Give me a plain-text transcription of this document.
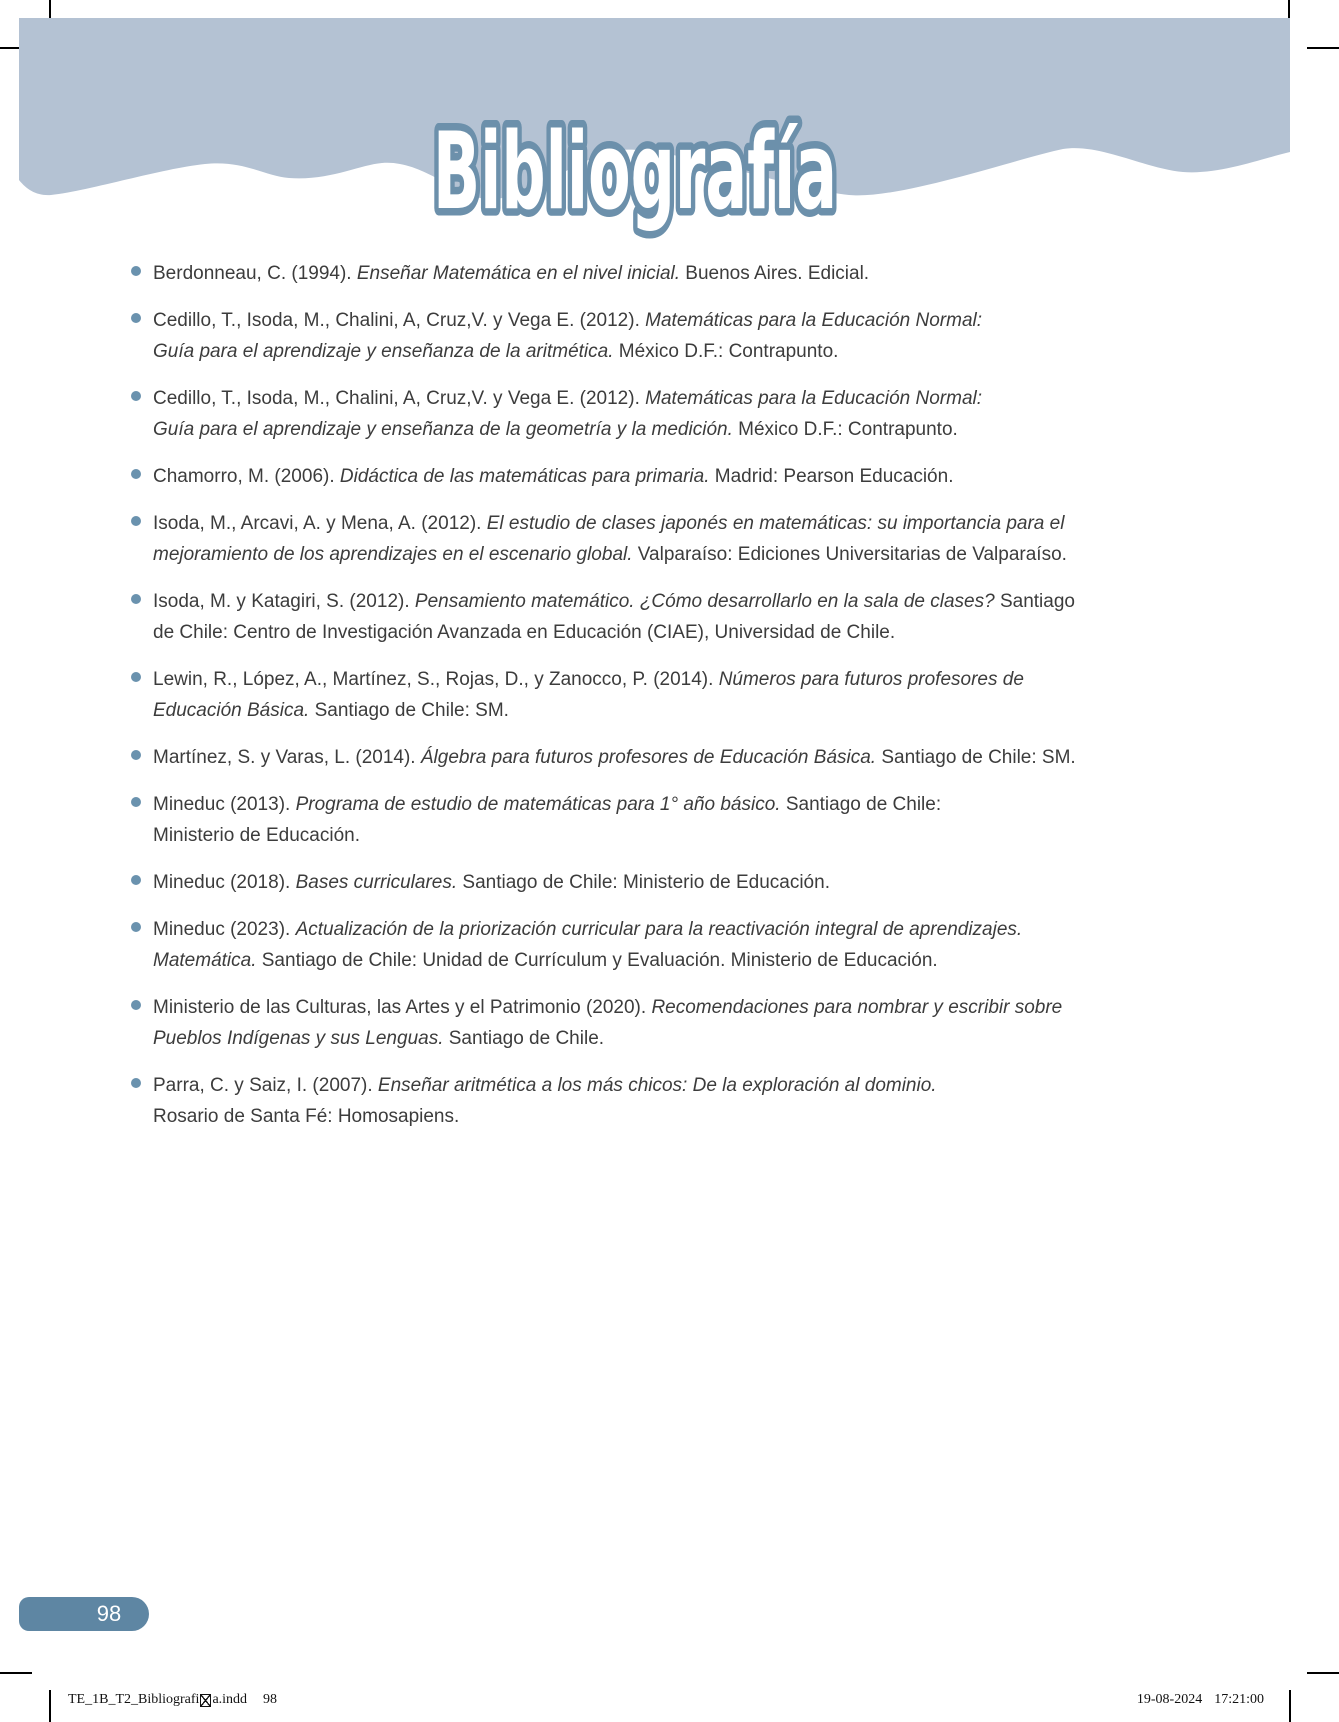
Bibliografía
Berdonneau, C. (1994). Enseñar Matemática en el nivel inicial. Buenos Aires. Edicial.
Cedillo, T., Isoda, M., Chalini, A, Cruz,V. y Vega E. (2012). Matemáticas para la Educación Normal:
Guía para el aprendizaje y enseñanza de la aritmética. México D.F.: Contrapunto.
Cedillo, T., Isoda, M., Chalini, A, Cruz,V. y Vega E. (2012). Matemáticas para la Educación Normal:
Guía para el aprendizaje y enseñanza de la geometría y la medición. México D.F.: Contrapunto.
Chamorro, M. (2006). Didáctica de las matemáticas para primaria. Madrid: Pearson Educación.
Isoda, M., Arcavi, A. y Mena, A. (2012). El estudio de clases japonés en matemáticas: su importancia para el
mejoramiento de los aprendizajes en el escenario global. Valparaíso: Ediciones Universitarias de Valparaíso.
Isoda, M. y Katagiri, S. (2012). Pensamiento matemático. ¿Cómo desarrollarlo en la sala de clases? Santiago
de Chile: Centro de Investigación Avanzada en Educación (CIAE), Universidad de Chile.
Lewin, R., López, A., Martínez, S., Rojas, D., y Zanocco, P. (2014). Números para futuros profesores de
Educación Básica. Santiago de Chile: SM.
Martínez, S. y Varas, L. (2014). Álgebra para futuros profesores de Educación Básica. Santiago de Chile: SM.
Mineduc (2013). Programa de estudio de matemáticas para 1° año básico. Santiago de Chile:
Ministerio de Educación.
Mineduc (2018). Bases curriculares. Santiago de Chile: Ministerio de Educación.
Mineduc (2023). Actualización de la priorización curricular para la reactivación integral de aprendizajes.
Matemática. Santiago de Chile: Unidad de Currículum y Evaluación. Ministerio de Educación.
Ministerio de las Culturas, las Artes y el Patrimonio (2020). Recomendaciones para nombrar y escribir sobre
Pueblos Indígenas y sus Lenguas. Santiago de Chile.
Parra, C. y Saiz, I. (2007). Enseñar aritmética a los más chicos: De la exploración al dominio.
Rosario de Santa Fé: Homosapiens.
98
TE_1B_T2_Bibliografi a.indd 98	19-08-2024 17:21:00
